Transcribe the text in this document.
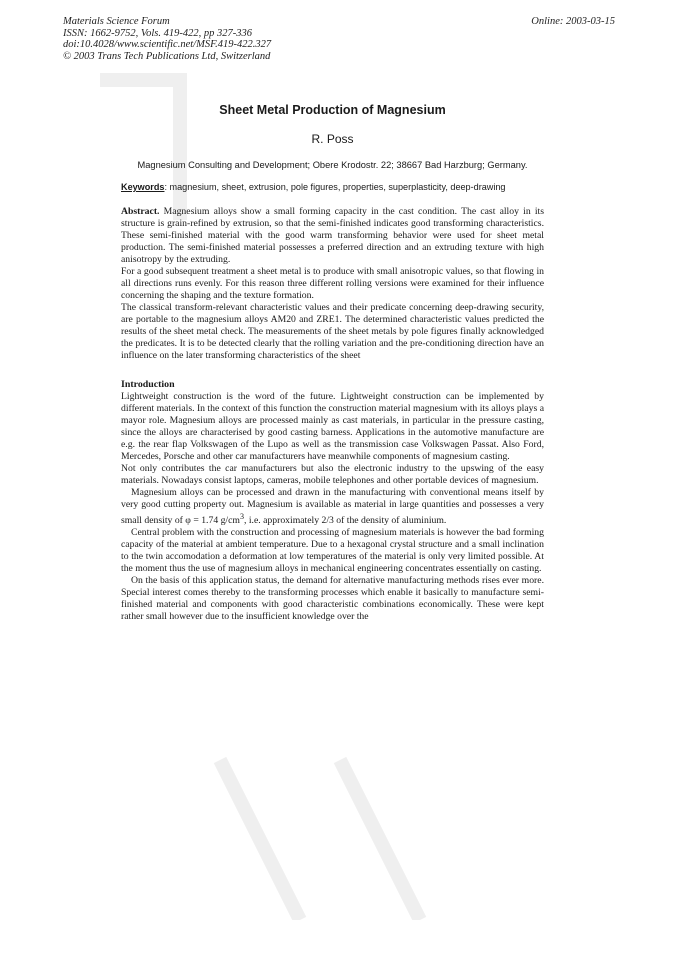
Materials Science Forum
ISSN: 1662-9752, Vols. 419-422, pp 327-336
doi:10.4028/www.scientific.net/MSF.419-422.327
© 2003 Trans Tech Publications Ltd, Switzerland
Online: 2003-03-15
Sheet Metal Production of Magnesium
R. Poss
Magnesium Consulting and Development; Obere Krodostr. 22; 38667 Bad Harzburg; Germany.
Keywords: magnesium, sheet, extrusion, pole figures, properties, superplasticity, deep-drawing

Abstract. Magnesium alloys show a small forming capacity in the cast condition. The cast alloy in its structure is grain-refined by extrusion, so that the semi-finished indicates good transforming characteristics. These semi-finished material with the good warm transforming behavior were used for sheet metal production. The semi-finished material possesses a preferred direction and an extruding texture with high anisotropy by the extruding.

For a good subsequent treatment a sheet metal is to produce with small anisotropic values, so that flowing in all directions runs evenly. For this reason three different rolling versions were examined for their influence concerning the shaping and the texture formation.

The classical transform-relevant characteristic values and their predicate concerning deep-drawing security, are portable to the magnesium alloys AM20 and ZRE1. The determined characteristic values predicted the results of the sheet metal check. The measurements of the sheet metals by pole figures finally acknowledged the predicates. It is to be detected clearly that the rolling variation and the pre-conditioning direction have an influence on the later transforming characteristics of the sheet

Introduction

Lightweight construction is the word of the future. Lightweight construction can be implemented by different materials. In the context of this function the construction material magnesium with its alloys plays a mayor role. Magnesium alloys are processed mainly as cast materials, in particular in the pressure casting, since the alloys are characterised by good casting barness. Applications in the automotive manufacture are e.g. the rear flap Volkswagen of the Lupo as well as the transmission case Volkswagen Passat. Also Ford, Mercedes, Porsche and other car manufacturers have meanwhile components of magnesium casting.

Not only contributes the car manufacturers but also the electronic industry to the upswing of the easy materials. Nowadays consist laptops, cameras, mobile telephones and other portable devices of magnesium.

Magnesium alloys can be processed and drawn in the manufacturing with conventional means itself by very good cutting property out. Magnesium is available as material in large quantities and possesses a very small density of φ = 1.74 $g/cm^3$, i.e. approximately 2/3 of the density of aluminium.

Central problem with the construction and processing of magnesium materials is however the bad forming capacity of the material at ambient temperature. Due to a hexagonal crystal structure and a small inclination to the twin accomodation a deformation at low temperatures of the material is only very limited possible. At the moment thus the use of magnesium alloys in mechanical engineering concentrates essentially on casting.

On the basis of this application status, the demand for alternative manufacturing methods rises ever more. Special interest comes thereby to the transforming processes which enable it basically to manufacture semi-finished material and components with good characteristic combinations economically. These were kept rather small however due to the insufficient knowledge over the
